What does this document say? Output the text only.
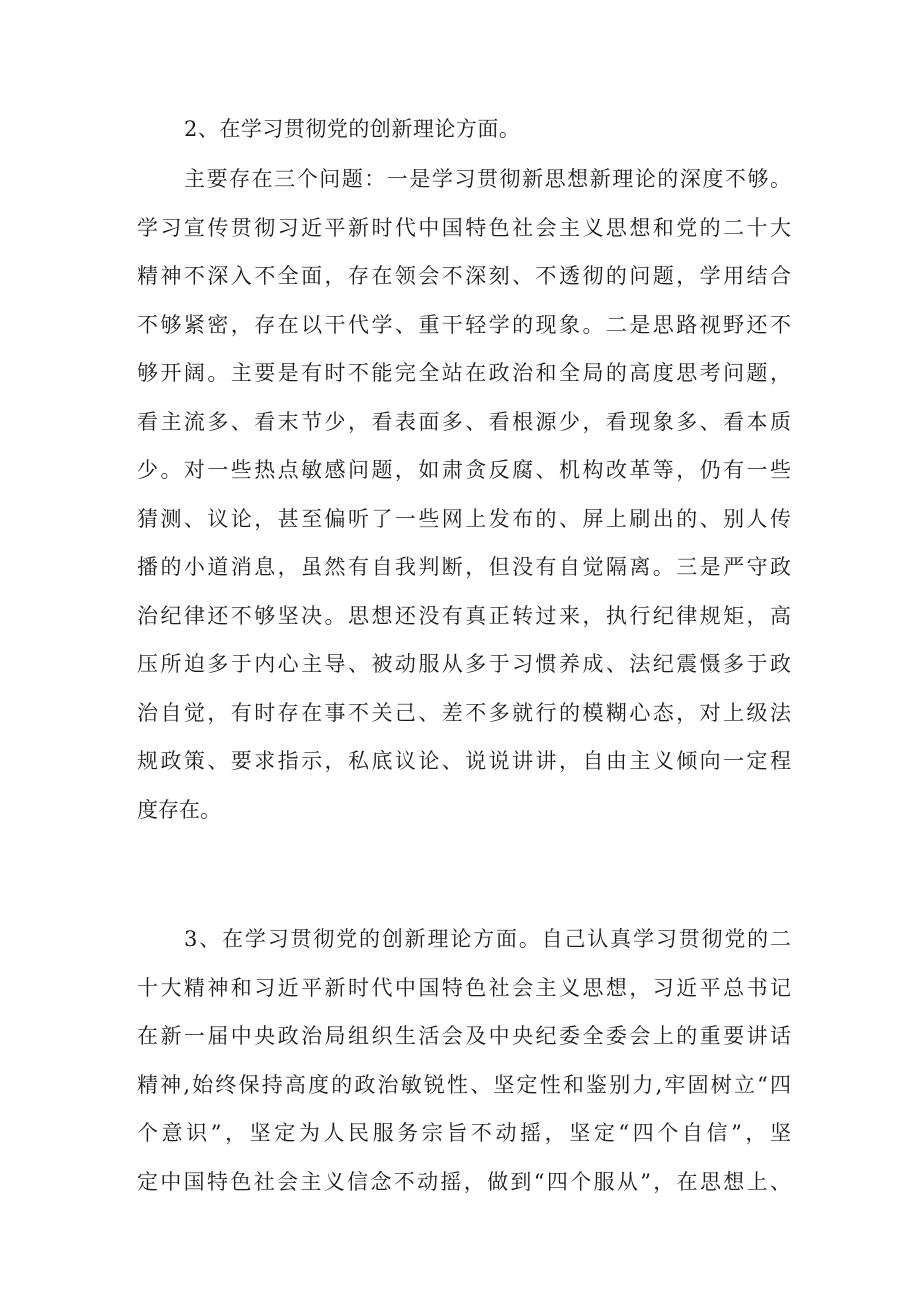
2、在学习贯彻党的创新理论方面。
主要存在三个问题：一是学习贯彻新思想新理论的深度不够。
学习宣传贯彻习近平新时代中国特色社会主义思想和党的二十大
精神不深入不全面，存在领会不深刻、不透彻的问题，学用结合
不够紧密，存在以干代学、重干轻学的现象。二是思路视野还不
够开阔。主要是有时不能完全站在政治和全局的高度思考问题，
看主流多、看末节少，看表面多、看根源少，看现象多、看本质
少。对一些热点敏感问题，如肃贪反腐、机构改革等，仍有一些
猜测、议论，甚至偏听了一些网上发布的、屏上刷出的、别人传
播的小道消息，虽然有自我判断，但没有自觉隔离。三是严守政
治纪律还不够坚决。思想还没有真正转过来，执行纪律规矩，高
压所迫多于内心主导、被动服从多于习惯养成、法纪震慑多于政
治自觉，有时存在事不关己、差不多就行的模糊心态，对上级法
规政策、要求指示，私底议论、说说讲讲，自由主义倾向一定程
度存在。
3、在学习贯彻党的创新理论方面。自己认真学习贯彻党的二
十大精神和习近平新时代中国特色社会主义思想，习近平总书记
在新一届中央政治局组织生活会及中央纪委全委会上的重要讲话
精神,始终保持高度的政治敏锐性、坚定性和鉴别力,牢固树立“四
个意识”，坚定为人民服务宗旨不动摇，坚定“四个自信”，坚
定中国特色社会主义信念不动摇，做到“四个服从”，在思想上、
